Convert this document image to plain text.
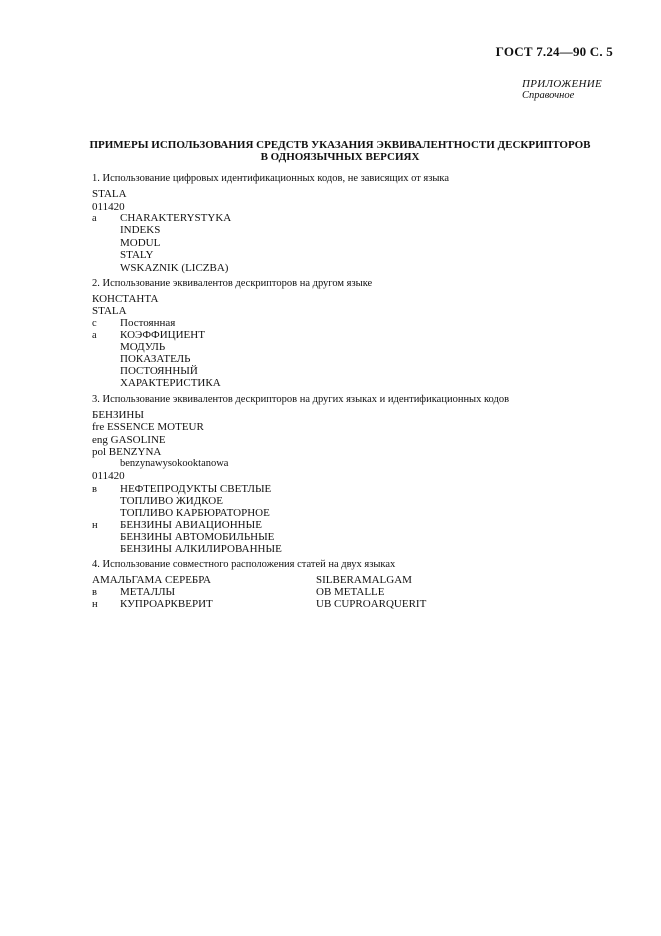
ГОСТ 7.24—90 С. 5
ПРИЛОЖЕНИЕ
Справочное
ПРИМЕРЫ ИСПОЛЬЗОВАНИЯ СРЕДСТВ УКАЗАНИЯ ЭКВИВАЛЕНТНОСТИ ДЕСКРИПТОРОВ
В ОДНОЯЗЫЧНЫХ ВЕРСИЯХ
1. Использование цифровых идентификационных кодов, не зависящих от языка
STALA
011420
a CHARAKTERYSTYKA
INDEKS
MODUL
STALY
WSKAZNIK (LICZBA)
2. Использование эквивалентов дескрипторов на другом языке
КОНСТАНТА
STALA
с Постоянная
а КОЭФФИЦИЕНТ
МОДУЛЬ
ПОКАЗАТЕЛЬ
ПОСТОЯННЫЙ
ХАРАКТЕРИСТИКА
3. Использование эквивалентов дескрипторов на других языках и идентификационных кодов
БЕНЗИНЫ
fre ESSENCE MOTEUR
eng GASOLINE
pol BENZYNA
benzynawysokooktanowa
011420
в НЕФТЕПРОДУКТЫ СВЕТЛЫЕ
ТОПЛИВО ЖИДКОЕ
ТОПЛИВО КАРБЮРАТОРНОЕ
н БЕНЗИНЫ АВИАЦИОННЫЕ
БЕНЗИНЫ АВТОМОБИЛЬНЫЕ
БЕНЗИНЫ АЛКИЛИРОВАННЫЕ
4. Использование совместного расположения статей на двух языках
АМАЛЬГАМА СЕРЕБРА	SILBERAMALGAM
в МЕТАЛЛЫ	OB METALLE
н КУПРОАРКВЕРИТ	UB CUPROARQUERIT
